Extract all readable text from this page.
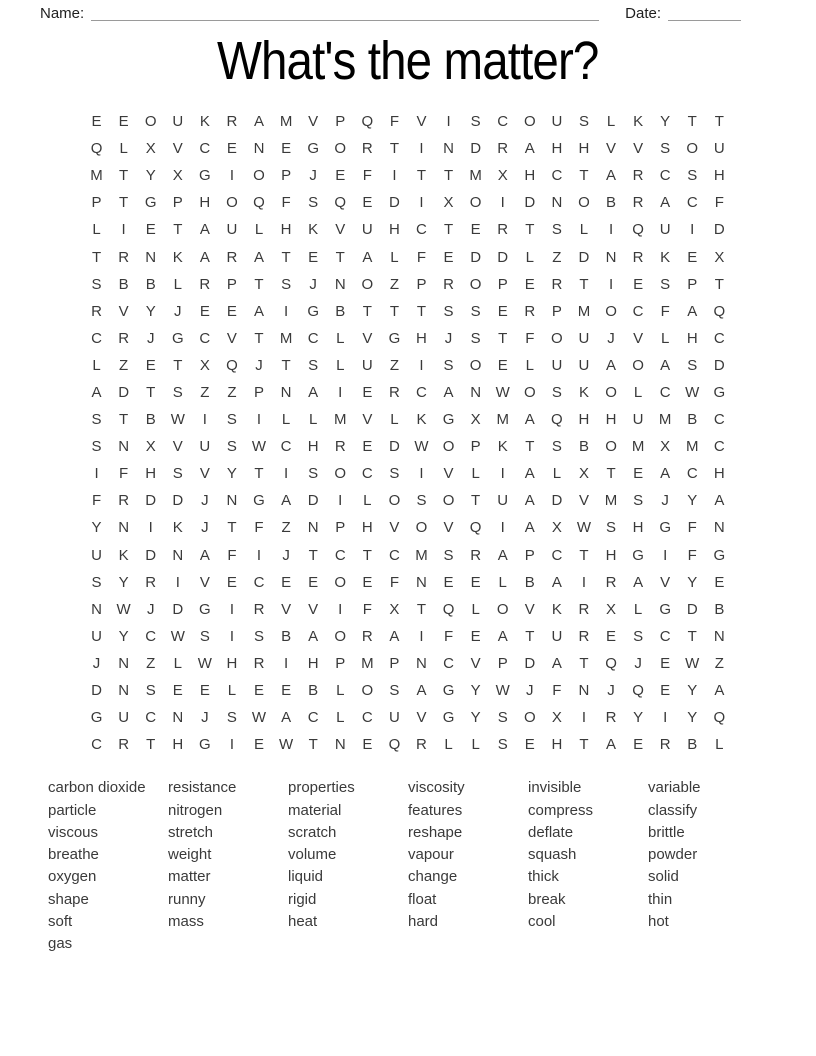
Name:	Date:
What's the matter?
E	E	O	U	K	R	A	M	V	P	Q	F	V	I	S	C	O	U	S	L	K	Y	T	T
Q	L	X	V	C	E	N	E	G	O	R	T	I	N	D	R	A	H	H	V	V	S	O	U
M	T	Y	X	G	I	O	P	J	E	F	I	T	T	M	X	H	C	T	A	R	C	S	H
P	T	G	P	H	O	Q	F	S	Q	E	D	I	X	O	I	D	N	O	B	R	A	C	F
L	I	E	T	A	U	L	H	K	V	U	H	C	T	E	R	T	S	L	I	Q	U	I	D
T	R	N	K	A	R	A	T	E	T	A	L	F	E	D	D	L	Z	D	N	R	K	E	X
S	B	B	L	R	P	T	S	J	N	O	Z	P	R	O	P	E	R	T	I	E	S	P	T
R	V	Y	J	E	E	A	I	G	B	T	T	T	S	S	E	R	P	M	O	C	F	A	Q
C	R	J	G	C	V	T	M	C	L	V	G	H	J	S	T	F	O	U	J	V	L	H	C
L	Z	E	T	X	Q	J	T	S	L	U	Z	I	S	O	E	L	U	U	A	O	A	S	D
A	D	T	S	Z	Z	P	N	A	I	E	R	C	A	N W O	S	K	O	L	C W G
S	T	B W	I	S	I	L	L	M	V	L	K	G	X	M	A	Q	H	H	U	M	B	C
S	N	X	V	U	S W C	H	R	E	D W O	P	K	T	S	B	O M	X	M	C
I	F	H	S	V	Y	T	I	S	O	C	S	I	V	L	I	A	L	X	T	E	A	C	H
F	R	D	D	J	N	G	A	D	I	L	O	S	O	T	U	A	D	V	M	S	J	Y	A
Y	N	I	K	J	T	F	Z	N	P	H	V	O	V	Q	I	A	X W S	H	G	F	N
U	K	D	N	A	F	I	J	T	C	T	C	M	S	R	A	P	C	T	H	G	I	F	G
S	Y	R	I	V	E	C	E	E	O	E	F	N	E	E	L	B	A	I	R	A	V	Y	E
N W	J	D	G	I	R	V	V	I	F	X	T	Q	L	O	V	K	R	X	L	G	D	B
U	Y	C W S	I	S	B	A	O	R	A	I	F	E	A	T	U	R	E	S	C	T	N
J	N	Z	L	W H	R	I	H	P	M	P	N	C	V	P	D	A	T	Q	J	E W	Z
D	N	S	E	E	L	E	E	B	L	O	S	A	G	Y W	J	F	N	J	Q	E	Y	A
G	U	C	N	J	S W A	C	L	C	U	V	G	Y	S	O	X	I	R	Y	I	Y	Q
C	R	T	H	G	I	E W	T	N	E	Q	R	L	L	S	E	H	T	A	E	R	B	L
carbon dioxide
particle
viscous
breathe
oxygen
shape
soft
gas
resistance
nitrogen
stretch
weight
matter
runny
mass
properties
material
scratch
volume
liquid
rigid
heat
viscosity
features
reshape
vapour
change
float
hard
invisible
compress
deflate
squash
thick
break
cool
variable
classify
brittle
powder
solid
thin
hot
